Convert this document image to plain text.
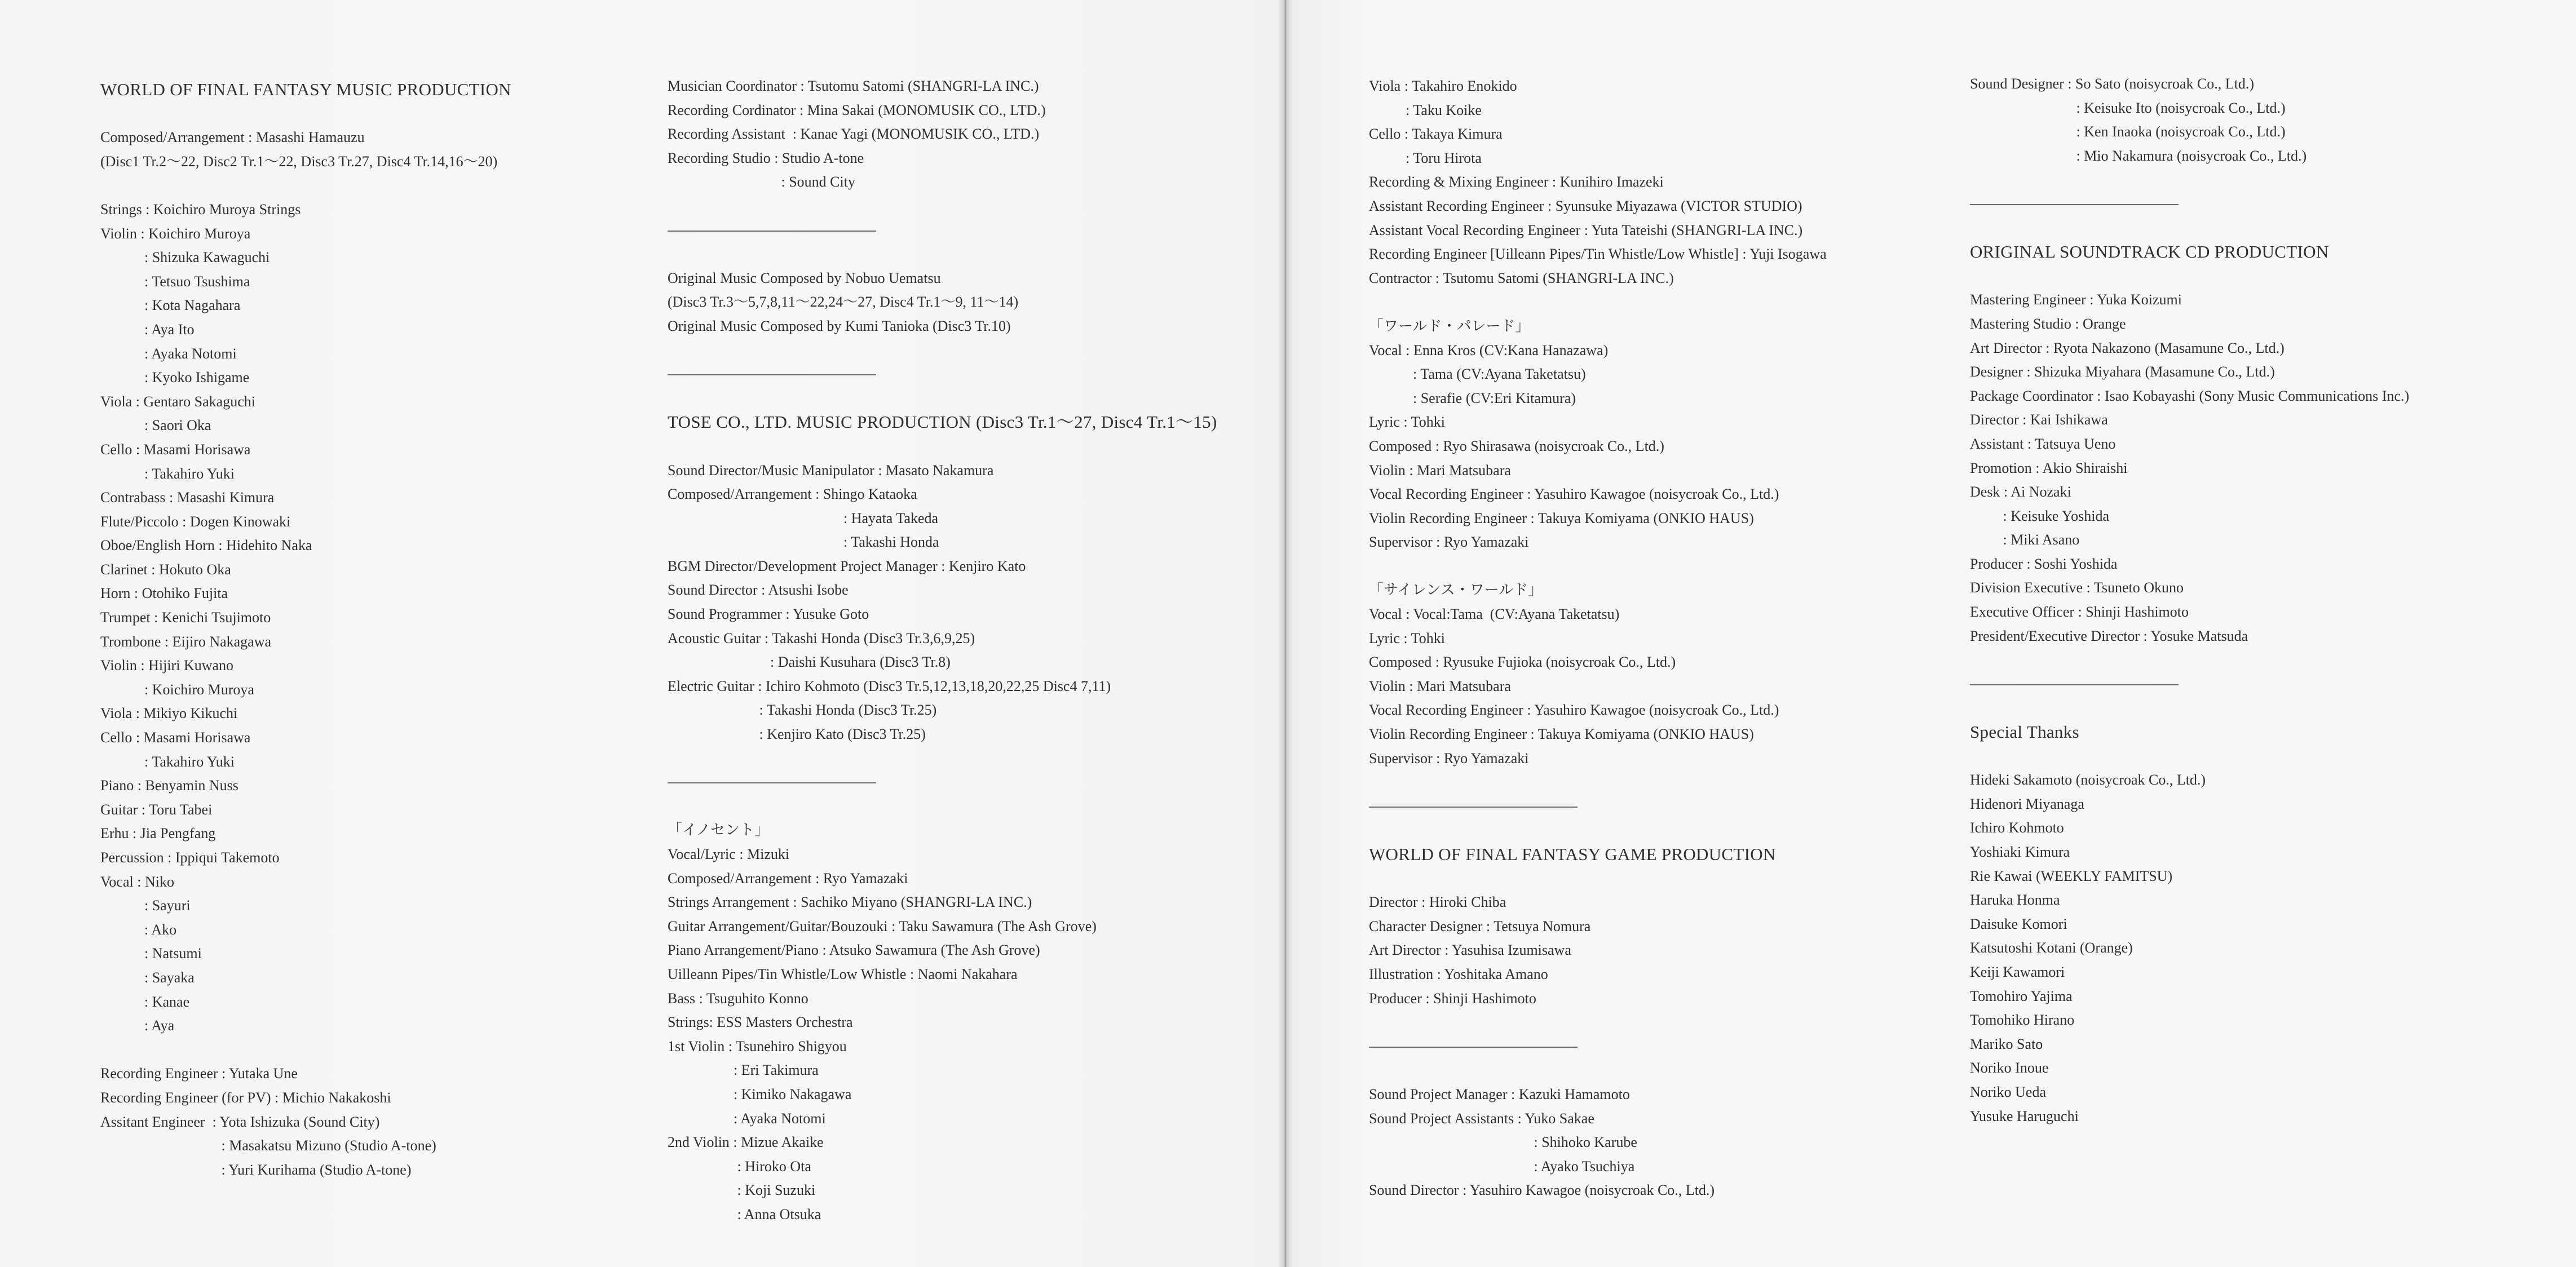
WORLD OF FINAL FANTASY MUSIC PRODUCTION
Composed/Arrangement : Masashi Hamauzu
(Disc1 Tr.2～22, Disc2 Tr.1～22, Disc3 Tr.27, Disc4 Tr.14,16～20)
Strings : Koichiro Muroya Strings
Violin : Koichiro Muroya
: Shizuka Kawaguchi
: Tetsuo Tsushima
: Kota Nagahara
: Aya Ito
: Ayaka Notomi
: Kyoko Ishigame
Viola : Gentaro Sakaguchi
: Saori Oka
Cello : Masami Horisawa
: Takahiro Yuki
Contrabass : Masashi Kimura
Flute/Piccolo : Dogen Kinowaki
Oboe/English Horn : Hidehito Naka
Clarinet : Hokuto Oka
Horn : Otohiko Fujita
Trumpet : Kenichi Tsujimoto
Trombone : Eijiro Nakagawa
Violin : Hijiri Kuwano
: Koichiro Muroya
Viola : Mikiyo Kikuchi
Cello : Masami Horisawa
: Takahiro Yuki
Piano : Benyamin Nuss
Guitar : Toru Tabei
Erhu : Jia Pengfang
Percussion : Ippiqui Takemoto
Vocal : Niko
: Sayuri
: Ako
: Natsumi
: Sayaka
: Kanae
: Aya
Recording Engineer : Yutaka Une
Recording Engineer (for PV) : Michio Nakakoshi
Assitant Engineer  : Yota Ishizuka (Sound City)
: Masakatsu Mizuno (Studio A-tone)
: Yuri Kurihama (Studio A-tone)
Musician Coordinator : Tsutomu Satomi (SHANGRI-LA INC.)
Recording Cordinator : Mina Sakai (MONOMUSIK CO., LTD.)
Recording Assistant  : Kanae Yagi (MONOMUSIK CO., LTD.)
Recording Studio : Studio A-tone
: Sound City
Original Music Composed by Nobuo Uematsu
(Disc3 Tr.3～5,7,8,11～22,24～27, Disc4 Tr.1～9, 11～14)
Original Music Composed by Kumi Tanioka (Disc3 Tr.10)
TOSE CO., LTD. MUSIC PRODUCTION (Disc3 Tr.1～27, Disc4 Tr.1～15)
Sound Director/Music Manipulator : Masato Nakamura
Composed/Arrangement : Shingo Kataoka
: Hayata Takeda
: Takashi Honda
BGM Director/Development Project Manager : Kenjiro Kato
Sound Director : Atsushi Isobe
Sound Programmer : Yusuke Goto
Acoustic Guitar : Takashi Honda (Disc3 Tr.3,6,9,25)
: Daishi Kusuhara (Disc3 Tr.8)
Electric Guitar : Ichiro Kohmoto (Disc3 Tr.5,12,13,18,20,22,25 Disc4 7,11)
: Takashi Honda (Disc3 Tr.25)
: Kenjiro Kato (Disc3 Tr.25)
「イノセント」
Vocal/Lyric : Mizuki
Composed/Arrangement : Ryo Yamazaki
Strings Arrangement : Sachiko Miyano (SHANGRI-LA INC.)
Guitar Arrangement/Guitar/Bouzouki : Taku Sawamura (The Ash Grove)
Piano Arrangement/Piano : Atsuko Sawamura (The Ash Grove)
Uilleann Pipes/Tin Whistle/Low Whistle : Naomi Nakahara
Bass : Tsuguhito Konno
Strings: ESS Masters Orchestra
1st Violin : Tsunehiro Shigyou
: Eri Takimura
: Kimiko Nakagawa
: Ayaka Notomi
2nd Violin : Mizue Akaike
: Hiroko Ota
: Koji Suzuki
: Anna Otsuka
Viola : Takahiro Enokido
: Taku Koike
Cello : Takaya Kimura
: Toru Hirota
Recording & Mixing Engineer : Kunihiro Imazeki
Assistant Recording Engineer : Syunsuke Miyazawa (VICTOR STUDIO)
Assistant Vocal Recording Engineer : Yuta Tateishi (SHANGRI-LA INC.)
Recording Engineer [Uilleann Pipes/Tin Whistle/Low Whistle] : Yuji Isogawa
Contractor : Tsutomu Satomi (SHANGRI-LA INC.)
「ワールド・パレード」
Vocal : Enna Kros (CV:Kana Hanazawa)
: Tama (CV:Ayana Taketatsu)
: Serafie (CV:Eri Kitamura)
Lyric : Tohki
Composed : Ryo Shirasawa (noisycroak Co., Ltd.)
Violin : Mari Matsubara
Vocal Recording Engineer : Yasuhiro Kawagoe (noisycroak Co., Ltd.)
Violin Recording Engineer : Takuya Komiyama (ONKIO HAUS)
Supervisor : Ryo Yamazaki
「サイレンス・ワールド」
Vocal : Vocal:Tama  (CV:Ayana Taketatsu)
Lyric : Tohki
Composed : Ryusuke Fujioka (noisycroak Co., Ltd.)
Violin : Mari Matsubara
Vocal Recording Engineer : Yasuhiro Kawagoe (noisycroak Co., Ltd.)
Violin Recording Engineer : Takuya Komiyama (ONKIO HAUS)
Supervisor : Ryo Yamazaki
WORLD OF FINAL FANTASY GAME PRODUCTION
Director : Hiroki Chiba
Character Designer : Tetsuya Nomura
Art Director : Yasuhisa Izumisawa
Illustration : Yoshitaka Amano
Producer : Shinji Hashimoto
Sound Project Manager : Kazuki Hamamoto
Sound Project Assistants : Yuko Sakae
: Shihoko Karube
: Ayako Tsuchiya
Sound Director : Yasuhiro Kawagoe (noisycroak Co., Ltd.)
Sound Designer : So Sato (noisycroak Co., Ltd.)
: Keisuke Ito (noisycroak Co., Ltd.)
: Ken Inaoka (noisycroak Co., Ltd.)
: Mio Nakamura (noisycroak Co., Ltd.)
ORIGINAL SOUNDTRACK CD PRODUCTION
Mastering Engineer : Yuka Koizumi
Mastering Studio : Orange
Art Director : Ryota Nakazono (Masamune Co., Ltd.)
Designer : Shizuka Miyahara (Masamune Co., Ltd.)
Package Coordinator : Isao Kobayashi (Sony Music Communications Inc.)
Director : Kai Ishikawa
Assistant : Tatsuya Ueno
Promotion : Akio Shiraishi
Desk : Ai Nozaki
: Keisuke Yoshida
: Miki Asano
Producer : Soshi Yoshida
Division Executive : Tsuneto Okuno
Executive Officer : Shinji Hashimoto
President/Executive Director : Yosuke Matsuda
Special Thanks
Hideki Sakamoto (noisycroak Co., Ltd.)
Hidenori Miyanaga
Ichiro Kohmoto
Yoshiaki Kimura
Rie Kawai (WEEKLY FAMITSU)
Haruka Honma
Daisuke Komori
Katsutoshi Kotani (Orange)
Keiji Kawamori
Tomohiro Yajima
Tomohiko Hirano
Mariko Sato
Noriko Inoue
Noriko Ueda
Yusuke Haruguchi
